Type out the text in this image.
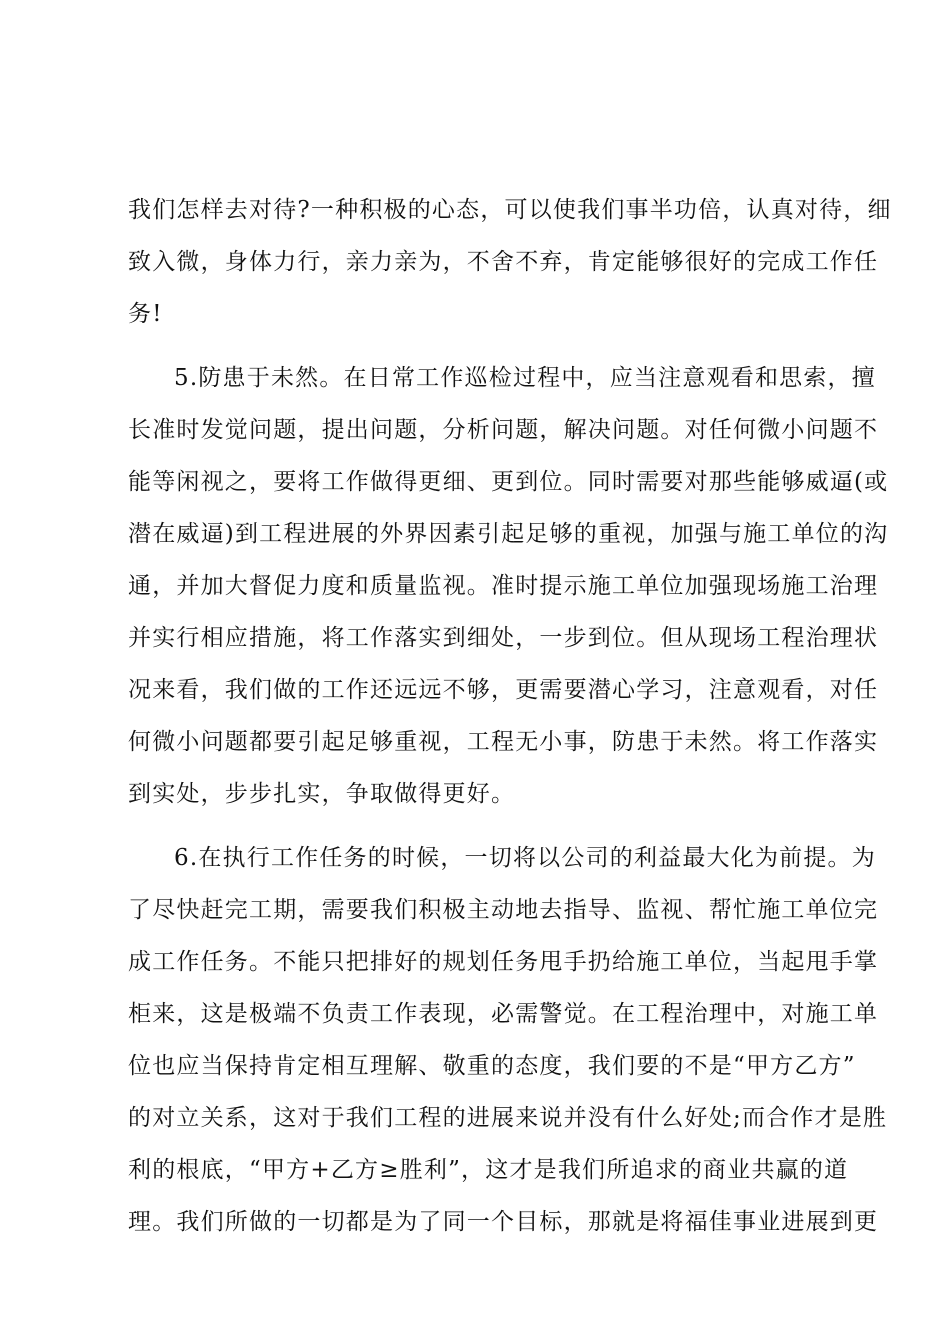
我们怎样去对待?一种积极的心态，可以使我们事半功倍，认真对待，细
致入微，身体力行，亲力亲为，不舍不弃，肯定能够很好的完成工作任
务!
5.防患于未然。在日常工作巡检过程中，应当注意观看和思索，擅
长准时发觉问题，提出问题，分析问题，解决问题。对任何微小问题不
能等闲视之，要将工作做得更细、更到位。同时需要对那些能够威逼(或
潜在威逼)到工程进展的外界因素引起足够的重视，加强与施工单位的沟
通，并加大督促力度和质量监视。准时提示施工单位加强现场施工治理
并实行相应措施，将工作落实到细处，一步到位。但从现场工程治理状
况来看，我们做的工作还远远不够，更需要潜心学习，注意观看，对任
何微小问题都要引起足够重视，工程无小事，防患于未然。将工作落实
到实处，步步扎实，争取做得更好。
6.在执行工作任务的时候，一切将以公司的利益最大化为前提。为
了尽快赶完工期，需要我们积极主动地去指导、监视、帮忙施工单位完
成工作任务。不能只把排好的规划任务甩手扔给施工单位，当起甩手掌
柜来，这是极端不负责工作表现，必需警觉。在工程治理中，对施工单
位也应当保持肯定相互理解、敬重的态度，我们要的不是“甲方乙方”
的对立关系，这对于我们工程的进展来说并没有什么好处;而合作才是胜
利的根底，“甲方+乙方≥胜利”，这才是我们所追求的商业共赢的道
理。我们所做的一切都是为了同一个目标，那就是将福佳事业进展到更
